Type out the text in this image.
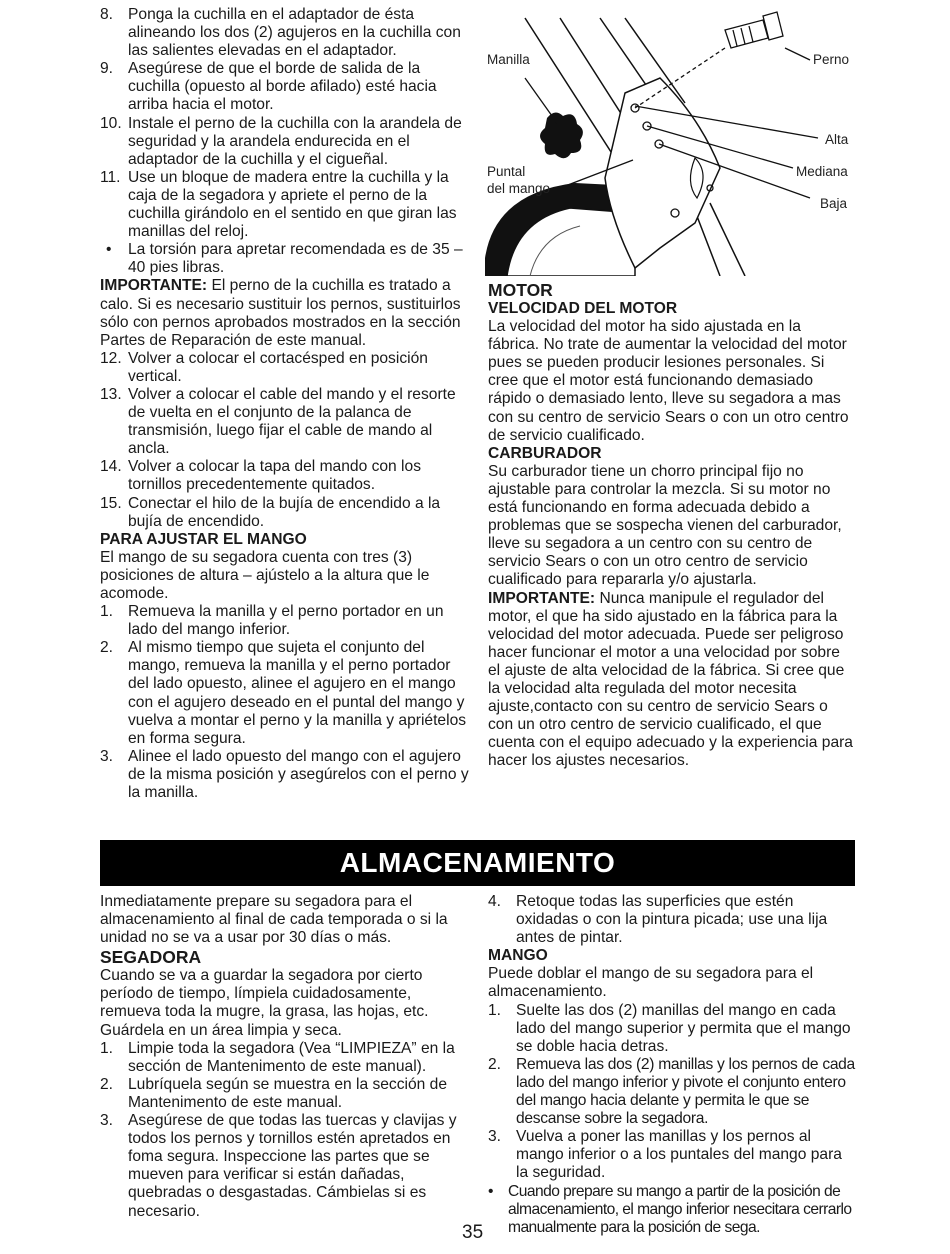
8. Ponga la cuchilla en el adaptador de ésta alineando los dos (2) agujeros en la cuchilla con las salientes elevadas en el adaptador.
9. Asegúrese de que el borde de salida de la cuchilla (opuesto al borde afilado) esté hacia arriba hacia el motor.
10. Instale el perno de la cuchilla con la arandela de seguridad y la arandela endurecida en el adaptador de la cuchilla y el cigueñal.
11. Use un bloque de madera entre la cuchilla y la caja de la segadora y apriete el perno de la cuchilla girándolo en el sentido en que giran las manillas del reloj.
• La torsión para apretar recomendada es de 35 – 40 pies libras.

IMPORTANTE: El perno de la cuchilla es tratado a calo. Si es necesario sustituir los pernos, sustituirlos sólo con pernos aprobados mostrados en la sección Partes de Reparación de este manual.

12. Volver a colocar el cortacésped en posición vertical.
13. Volver a colocar el cable del mando y el resorte de vuelta en el conjunto de la palanca de transmisión, luego fijar el cable de mando al ancla.
14. Volver a colocar la tapa del mando con los tornillos precedentemente quitados.
15. Conectar el hilo de la bujía de encendido a la bujía de encendido.

PARA AJUSTAR EL MANGO

El mango de su segadora cuenta con tres (3) posiciones de altura – ajústelo a la altura que le acomode.

1. Remueva la manilla y el perno portador en un lado del mango inferior.
2. Al mismo tiempo que sujeta el conjunto del mango, remueva la manilla y el perno portador del lado opuesto, alinee el agujero en el mango con el agujero deseado en el puntal del mango y vuelva a montar el perno y la manilla y apriételos en forma segura.
3. Alinee el lado opuesto del mango con el agujero de la misma posición y asegúrelos con el perno y la manilla.
Manilla	Perno
Alta
Mediana
Baja
Puntal
del mango

MOTOR

VELOCIDAD DEL MOTOR

La velocidad del motor ha sido ajustada en la fábrica. No trate de aumentar la velocidad del motor pues se pueden producir lesiones personales. Si cree que el motor está funcionando demasiado rápido o demasiado lento, lleve su segadora a mas con su centro de servicio Sears o con un otro centro de servicio cualificado.

CARBURADOR

Su carburador tiene un chorro principal fijo no ajustable para controlar la mezcla. Si su motor no está funcionando en forma adecuada debido a problemas que se sospecha vienen del carburador, lleve su segadora a un centro con su centro de servicio Sears o con un otro centro de servicio cualificado para repararla y/o ajustarla.

IMPORTANTE: Nunca manipule el regulador del motor, el que ha sido ajustado en la fábrica para la velocidad del motor adecuada. Puede ser peligroso hacer funcionar el motor a una velocidad por sobre el ajuste de alta velocidad de la fábrica. Si cree que la velocidad alta regulada del motor necesita ajuste,contacto con su centro de servicio Sears o con un otro centro de servicio cualificado, el que cuenta con el equipo adecuado y la experiencia para hacer los ajustes necesarios.

ALMACENAMIENTO

Inmediatamente prepare su segadora para el almacenamiento al final de cada temporada o si la unidad no se va a usar por 30 días o más.

SEGADORA

Cuando se va a guardar la segadora por cierto período de tiempo, límpiela cuidadosamente, remueva toda la mugre, la grasa, las hojas, etc. Guárdela en un área limpia y seca.

1. Limpie toda la segadora (Vea “LIMPIEZA” en la sección de Mantenimento de este manual).
2. Lubríquela según se muestra en la sección de Mantenimento de este manual.
3. Asegúrese de que todas las tuercas y clavijas y todos los pernos y tornillos estén apretados en foma segura. Inspeccione las partes que se mueven para verificar si están dañadas, quebradas o desgastadas. Cámbielas si es necesario.
4. Retoque todas las superficies que estén oxidadas o con la pintura picada; use una lija antes de pintar.

MANGO

Puede doblar el mango de su segadora para el almacenamiento.

1. Suelte las dos (2) manillas del mango en cada lado del mango superior y permita que el mango se doble hacia detras.
2. Remueva las dos (2) manillas y los pernos de cada lado del mango inferior y pivote el conjunto entero del mango hacia delante y permita le que se descanse sobre la segadora.
3. Vuelva a poner las manillas y los pernos al mango inferior o a los puntales del mango para la seguridad.
• Cuando prepare su mango a partir de la posición de almacenamiento, el mango inferior nesecitara cerrarlo manualmente para la posición de sega.
35
